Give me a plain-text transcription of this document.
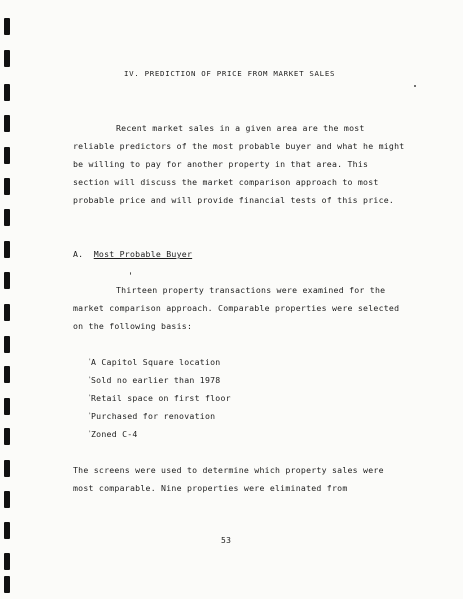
IV. PREDICTION OF PRICE FROM MARKET SALES
Recent market sales in a given area are the most
reliable predictors of the most probable buyer and what he might
be willing to pay for another property in that area. This
section will discuss the market comparison approach to most
probable price and will provide financial tests of this price.
A. Most Probable Buyer
Thirteen property transactions were examined for the
market comparison approach. Comparable properties were selected
on the following basis:
'A Capitol Square location
'Sold no earlier than 1978
'Retail space on first floor
'Purchased for renovation
'Zoned C-4
The screens were used to determine which property sales were
most comparable. Nine properties were eliminated from
53
